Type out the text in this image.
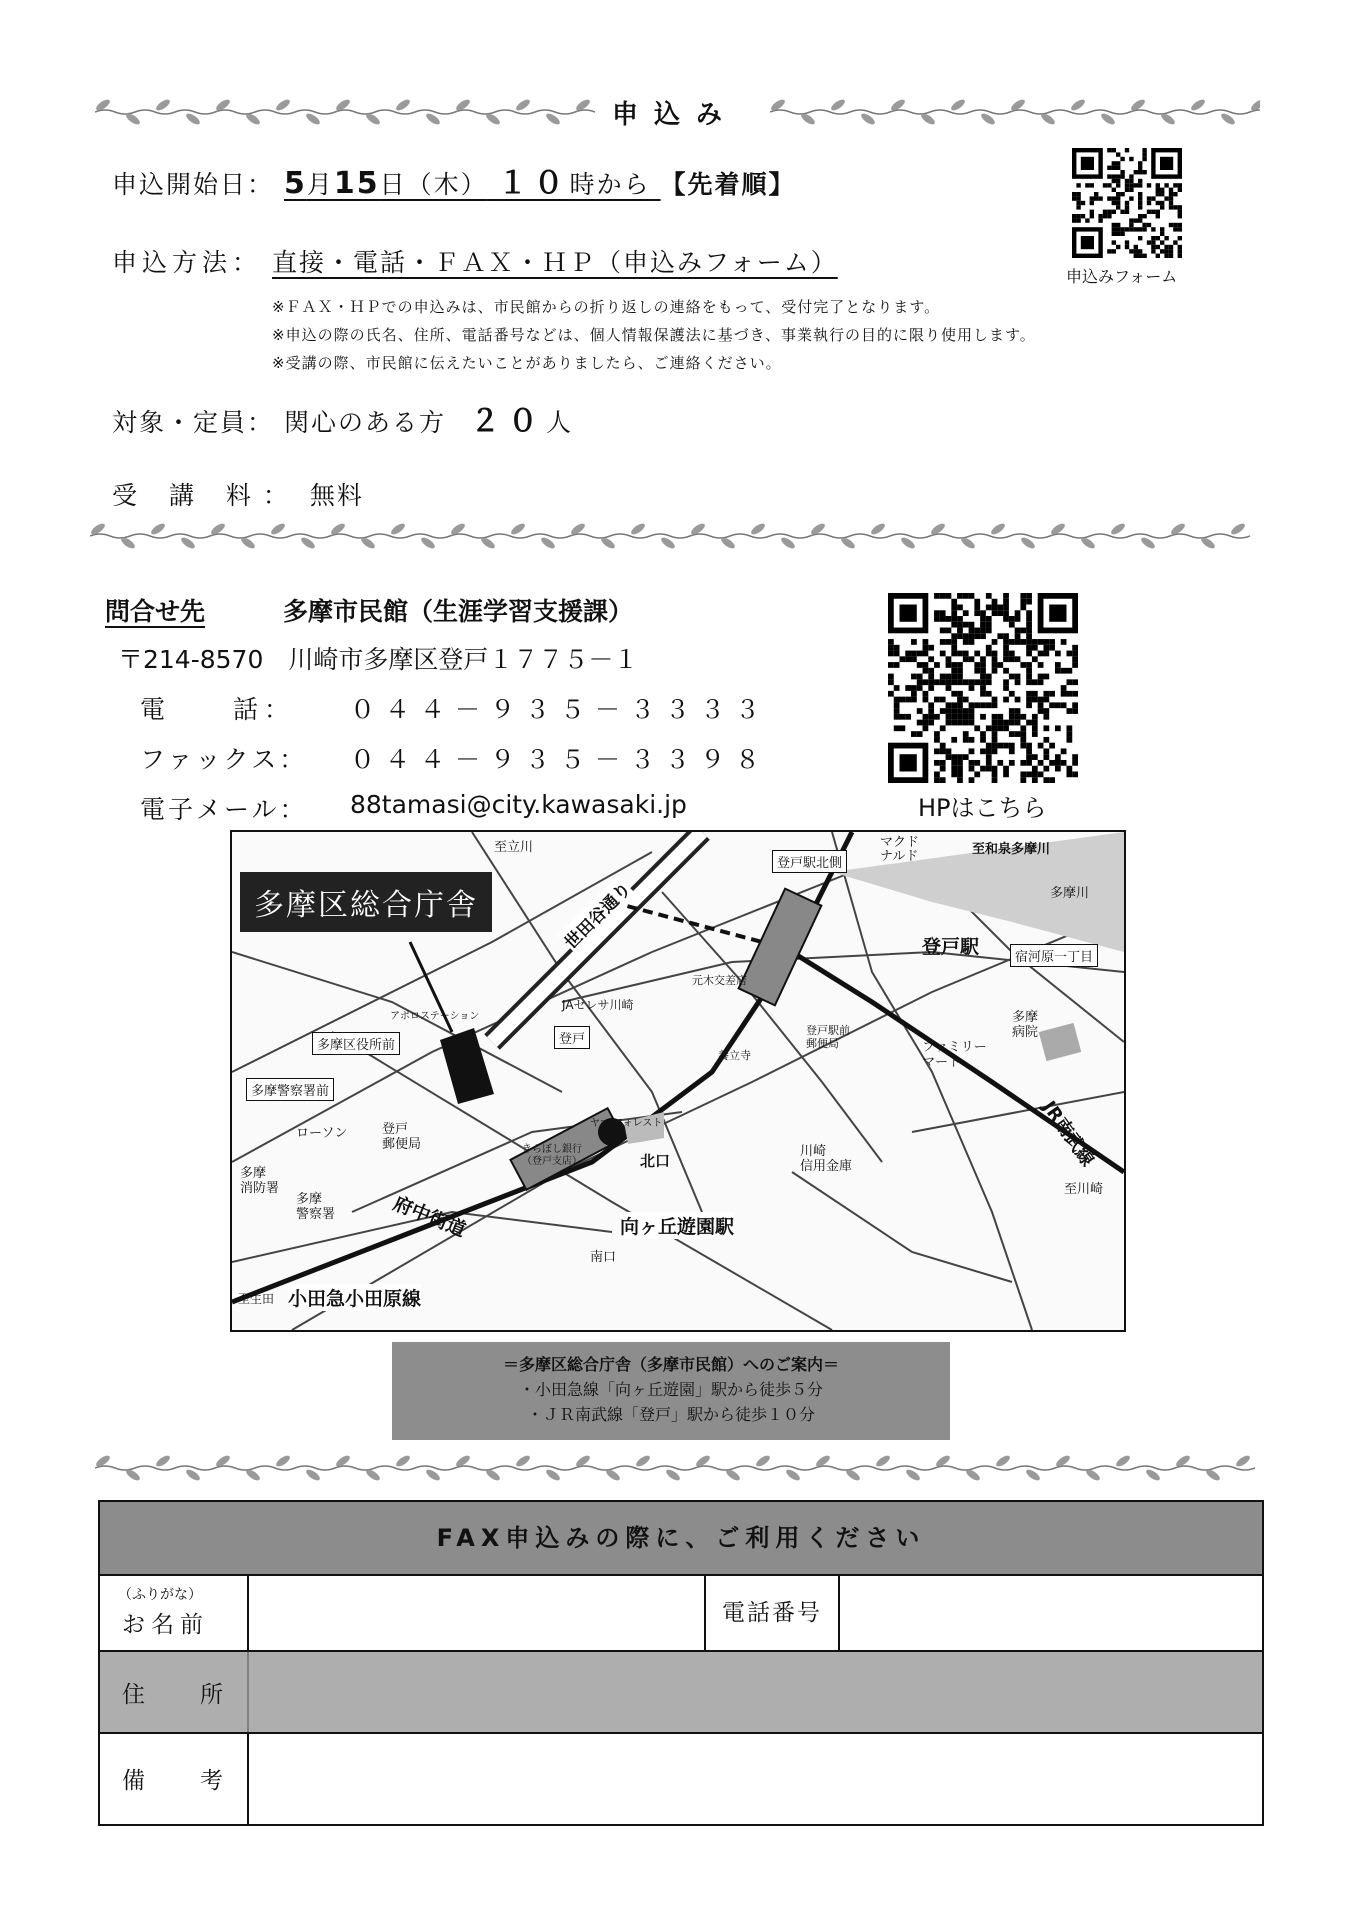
申込み
申込開始日： 5月15日（木） １０時から 【先着順】
申込みフォーム
申込方法： 直接・電話・ＦＡＸ・ＨＰ（申込みフォーム）
※ＦＡＸ・ＨＰでの申込みは、市民館からの折り返しの連絡をもって、受付完了となります。
※申込の際の氏名、住所、電話番号などは、個人情報保護法に基づき、事業執行の目的に限り使用します。
※受講の際、市民館に伝えたいことがありましたら、ご連絡ください。
対象・定員： 関心のある方 ２０人
受 講 料： 無料
問合せ先	多摩市民館（生涯学習支援課）
〒214-8570　川崎市多摩区登戸１７７５－１
電　　話： ０４４－９３５－３３３３
ファックス： ０４４－９３５－３３９８
電子メール： 88tamasi@city.kawasaki.jp	HPはこちら
多摩区総合庁舎
至立川
登戸駅北側
マクド
ナルド	至和泉多摩川
多摩川
世田谷通り	登戸駅	宿河原一丁目
元木交差店
アポロステーション
JAセレサ川崎
登戸
多摩区役所前
養立寺
登戸駅前
郵便局	ファミリー
マート
多摩
病院
多摩警察署前
ローソン	登戸
郵便局	きらぼし銀行
（登戸支店）
ヤマ フォレスト
北口
川崎
信用金庫	JR南武線
多摩
消防署
多摩
警察署	府中街道	向ヶ丘遊園駅
至川崎
南口
至生田 小田急小田原線
＝多摩区総合庁舎（多摩市民館）へのご案内＝
・小田急線「向ヶ丘遊園」駅から徒歩５分
・ＪＲ南武線「登戸」駅から徒歩１０分
FAX申込みの際に、ご利用ください
（ふりがな）
お名前	電話番号
住　所
備　考
